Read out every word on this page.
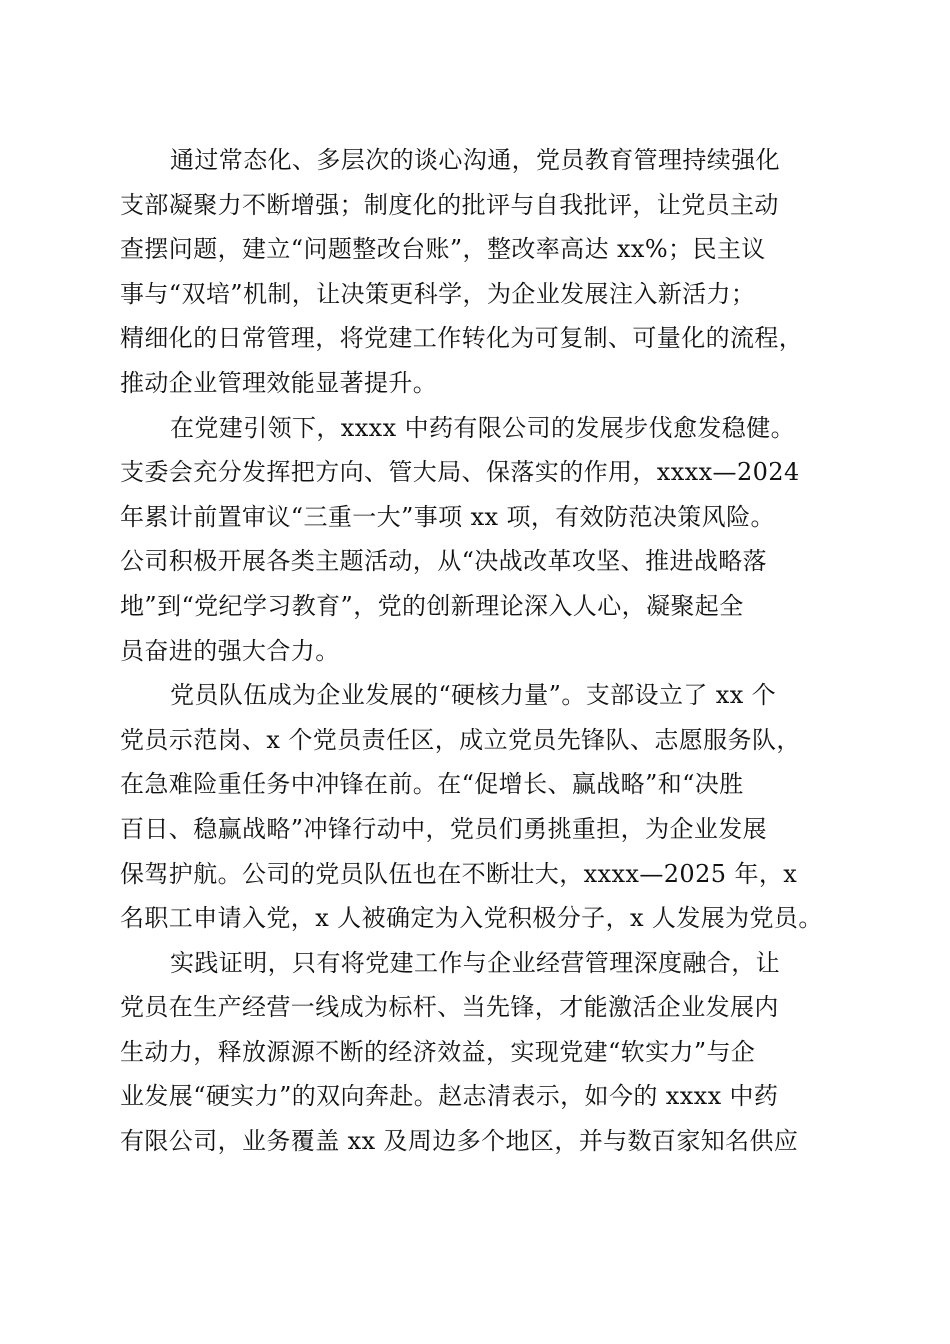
通过常态化、多层次的谈心沟通，党员教育管理持续强化
支部凝聚力不断增强；制度化的批评与自我批评，让党员主动
查摆问题，建立“问题整改台账”，整改率高达 xx%；民主议
事与“双培”机制，让决策更科学，为企业发展注入新活力；
精细化的日常管理，将党建工作转化为可复制、可量化的流程，
推动企业管理效能显著提升。
在党建引领下，xxxx 中药有限公司的发展步伐愈发稳健。
支委会充分发挥把方向、管大局、保落实的作用，xxxx—2024
年累计前置审议“三重一大”事项 xx 项，有效防范决策风险。
公司积极开展各类主题活动，从“决战改革攻坚、推进战略落
地”到“党纪学习教育”，党的创新理论深入人心，凝聚起全
员奋进的强大合力。
党员队伍成为企业发展的“硬核力量”。支部设立了 xx 个
党员示范岗、x 个党员责任区，成立党员先锋队、志愿服务队，
在急难险重任务中冲锋在前。在“促增长、赢战略”和“决胜
百日、稳赢战略”冲锋行动中，党员们勇挑重担，为企业发展
保驾护航。公司的党员队伍也在不断壮大，xxxx—2025 年，x
名职工申请入党，x 人被确定为入党积极分子，x 人发展为党员。
实践证明，只有将党建工作与企业经营管理深度融合，让
党员在生产经营一线成为标杆、当先锋，才能激活企业发展内
生动力，释放源源不断的经济效益，实现党建“软实力”与企
业发展“硬实力”的双向奔赴。赵志清表示，如今的 xxxx 中药
有限公司，业务覆盖 xx 及周边多个地区，并与数百家知名供应
